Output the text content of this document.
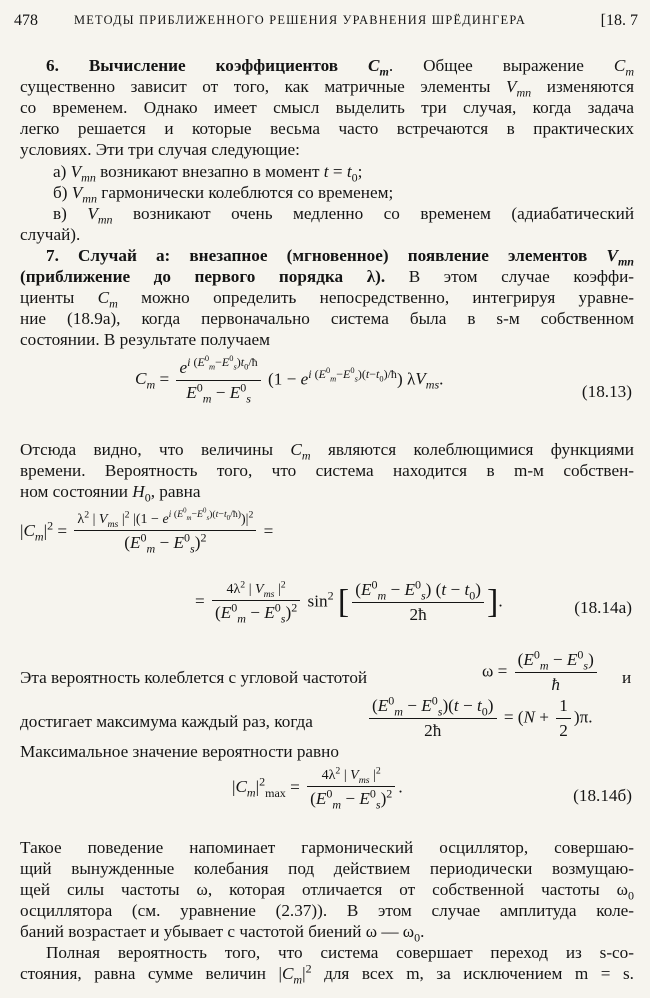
478	МЕТОДЫ ПРИБЛИЖЕННОГО РЕШЕНИЯ УРАВНЕНИЯ ШРЁДИНГЕРА	[18. 7
6. Вычисление коэффициентов $C_m$. Общее выражение $C_m$
существенно зависит от того, как матричные элементы $V_{mn}$ изменяются
со временем. Однако имеет смысл выделить три случая, когда задача
легко решается и которые весьма часто встречаются в практических
условиях. Эти три случая следующие:
а) $V_{mn}$ возникают внезапно в момент $t = t_0$;
б) $V_{mn}$ гармонически колеблются со временем;
в) $V_{mn}$ возникают очень медленно со временем (адиабатический
случай).
7. Случай а: внезапное (мгновенное) появление элементов $V_{mn}$
(приближение до первого порядка λ). В этом случае коэффи-
циенты $C_m$ можно определить непосредственно, интегрируя уравне-
ние (18.9а), когда первоначально система была в s-м собственном
состоянии. В результате получаем
$C_m = \frac{e^{i (E^0_m-E^0_s)t_0/ħ}}{E^0_m - E^0_s} (1 - e^{i (E^0_m-E^0_s)(t-t_0)/ħ})$ $\lambda V_{ms}$.
(18.13)
Отсюда видно, что величины $C_m$ являются колеблющимися функциями
времени. Вероятность того, что система находится в m-м собствен-
ном состоянии $H_0$, равна
$|C_m|^2 = \frac{\lambda^2 | V_{ms} |^2 |(1 - e^{i (E^0_m-E^0_s)(t-t_0/ħ)})|^2}{(E^0_m - E^0_s)^2}$ =
= $\frac{4\lambda^2 | V_{ms} |^2}{(E^0_m - E^0_s)^2} \sin^2$ [ $\frac{(E^0_m - E^0_s) (t - t_0)}{2ħ}$ ].	(18.14а)
Эта вероятность колеблется с угловой частотой	$\omega = \frac{(E^0_m - E^0_s)}{ħ}$ и
достигает максимума каждый раз, когда	$\frac{(E^0_m - E^0_s)(t - t_0)}{2ħ} = (N + \frac{1}{2} )\pi$.
Максимальное значение вероятности равно
$|C_m|^2_{max} = \frac{4\lambda^2 | V_{ms} |^2}{(E^0_m - E^0_s)^2}$ .	(18.14б)
Такое поведение напоминает гармонический осциллятор, совершаю-
щий вынужденные колебания под действием периодически возмущаю-
щей силы частоты ω, которая отличается от собственной частоты $\omega_0$
осциллятора (см. уравнение (2.37)). В этом случае амплитуда коле-
баний возрастает и убывает с частотой биений ω — $\omega_0$.
Полная вероятность того, что система совершает переход из s-со-
стояния, равна сумме величин $|C_m|^2$ для всех m, за исключением m = s.
